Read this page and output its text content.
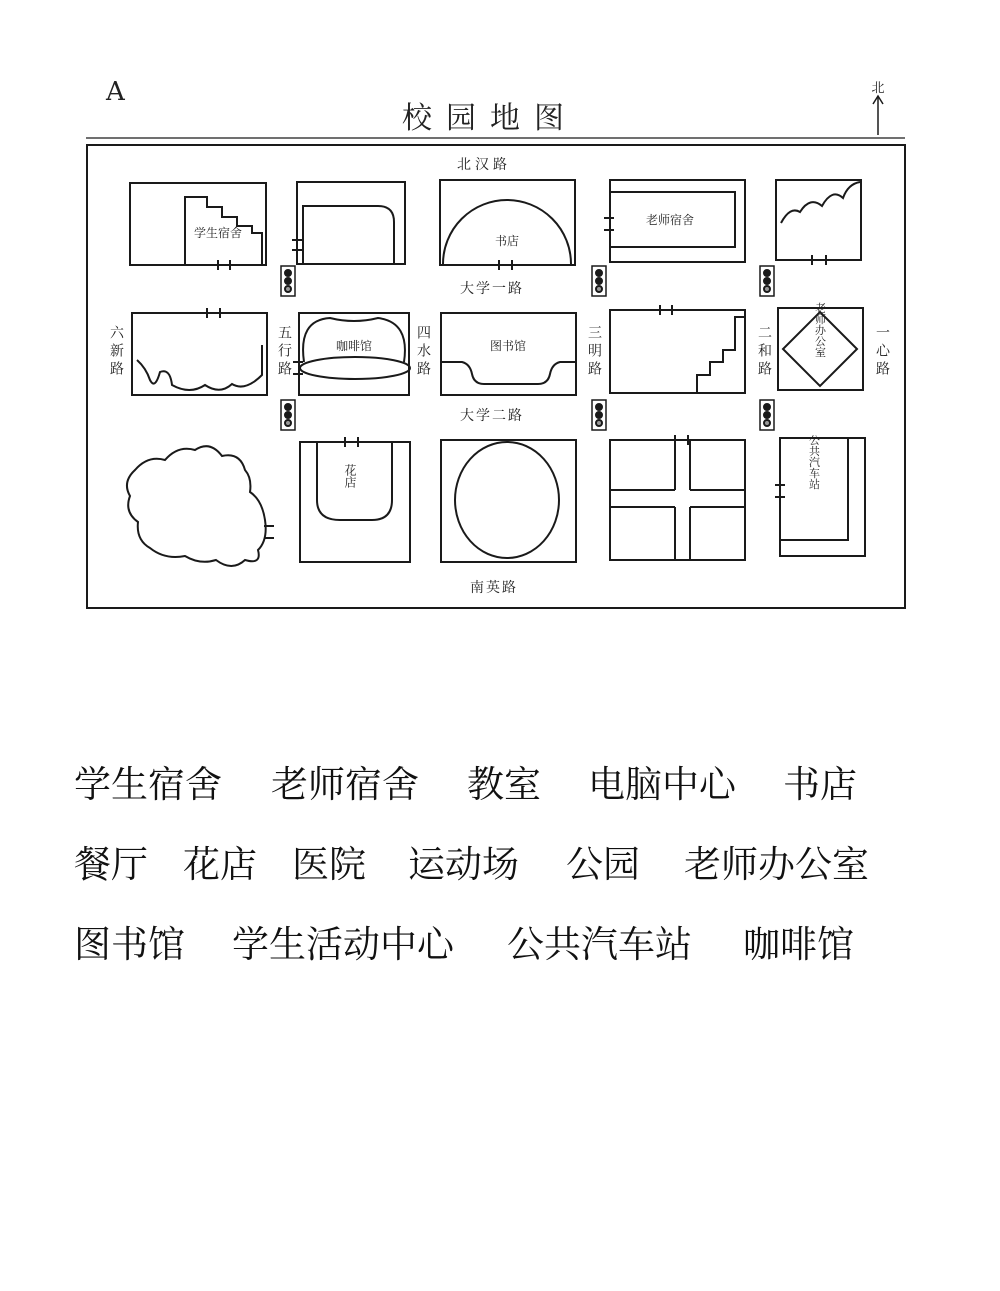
A
校园地图
北
学生宿舍
书店
老师宿舍
咖啡馆	图书馆	老师办公室
花店	公共汽车站
北汉路
大学一路
大学二路
南英路
六新路	五行路	四水路	三明路	二和路	一心路
学生宿舍 老师宿舍 教室 电脑中心 书店
餐厅 花店 医院 运动场 公园 老师办公室
图书馆 学生活动中心 公共汽车站 咖啡馆
